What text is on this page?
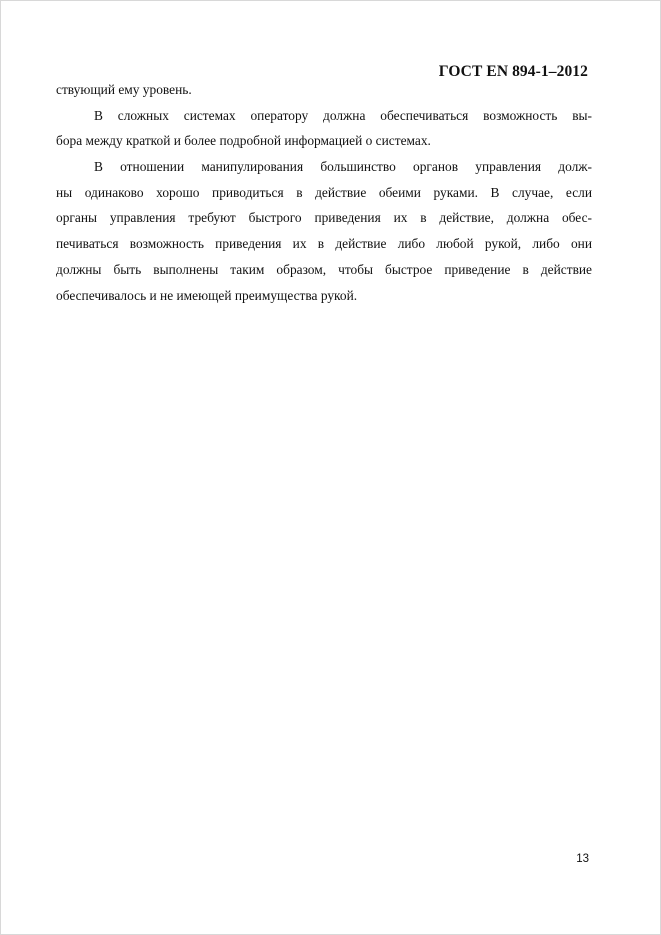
ГОСТ EN 894-1–2012
ствующий ему уровень.
В сложных системах оператору должна обеспечиваться возможность вы-
бора между краткой и более подробной информацией о системах.
В отношении манипулирования большинство органов управления долж-
ны одинаково хорошо приводиться в действие обеими руками. В случае, если
органы управления требуют быстрого приведения их в действие, должна обес-
печиваться возможность приведения их в действие либо любой рукой, либо они
должны быть выполнены таким образом, чтобы быстрое приведение в действие
обеспечивалось и не имеющей преимущества рукой.
13
